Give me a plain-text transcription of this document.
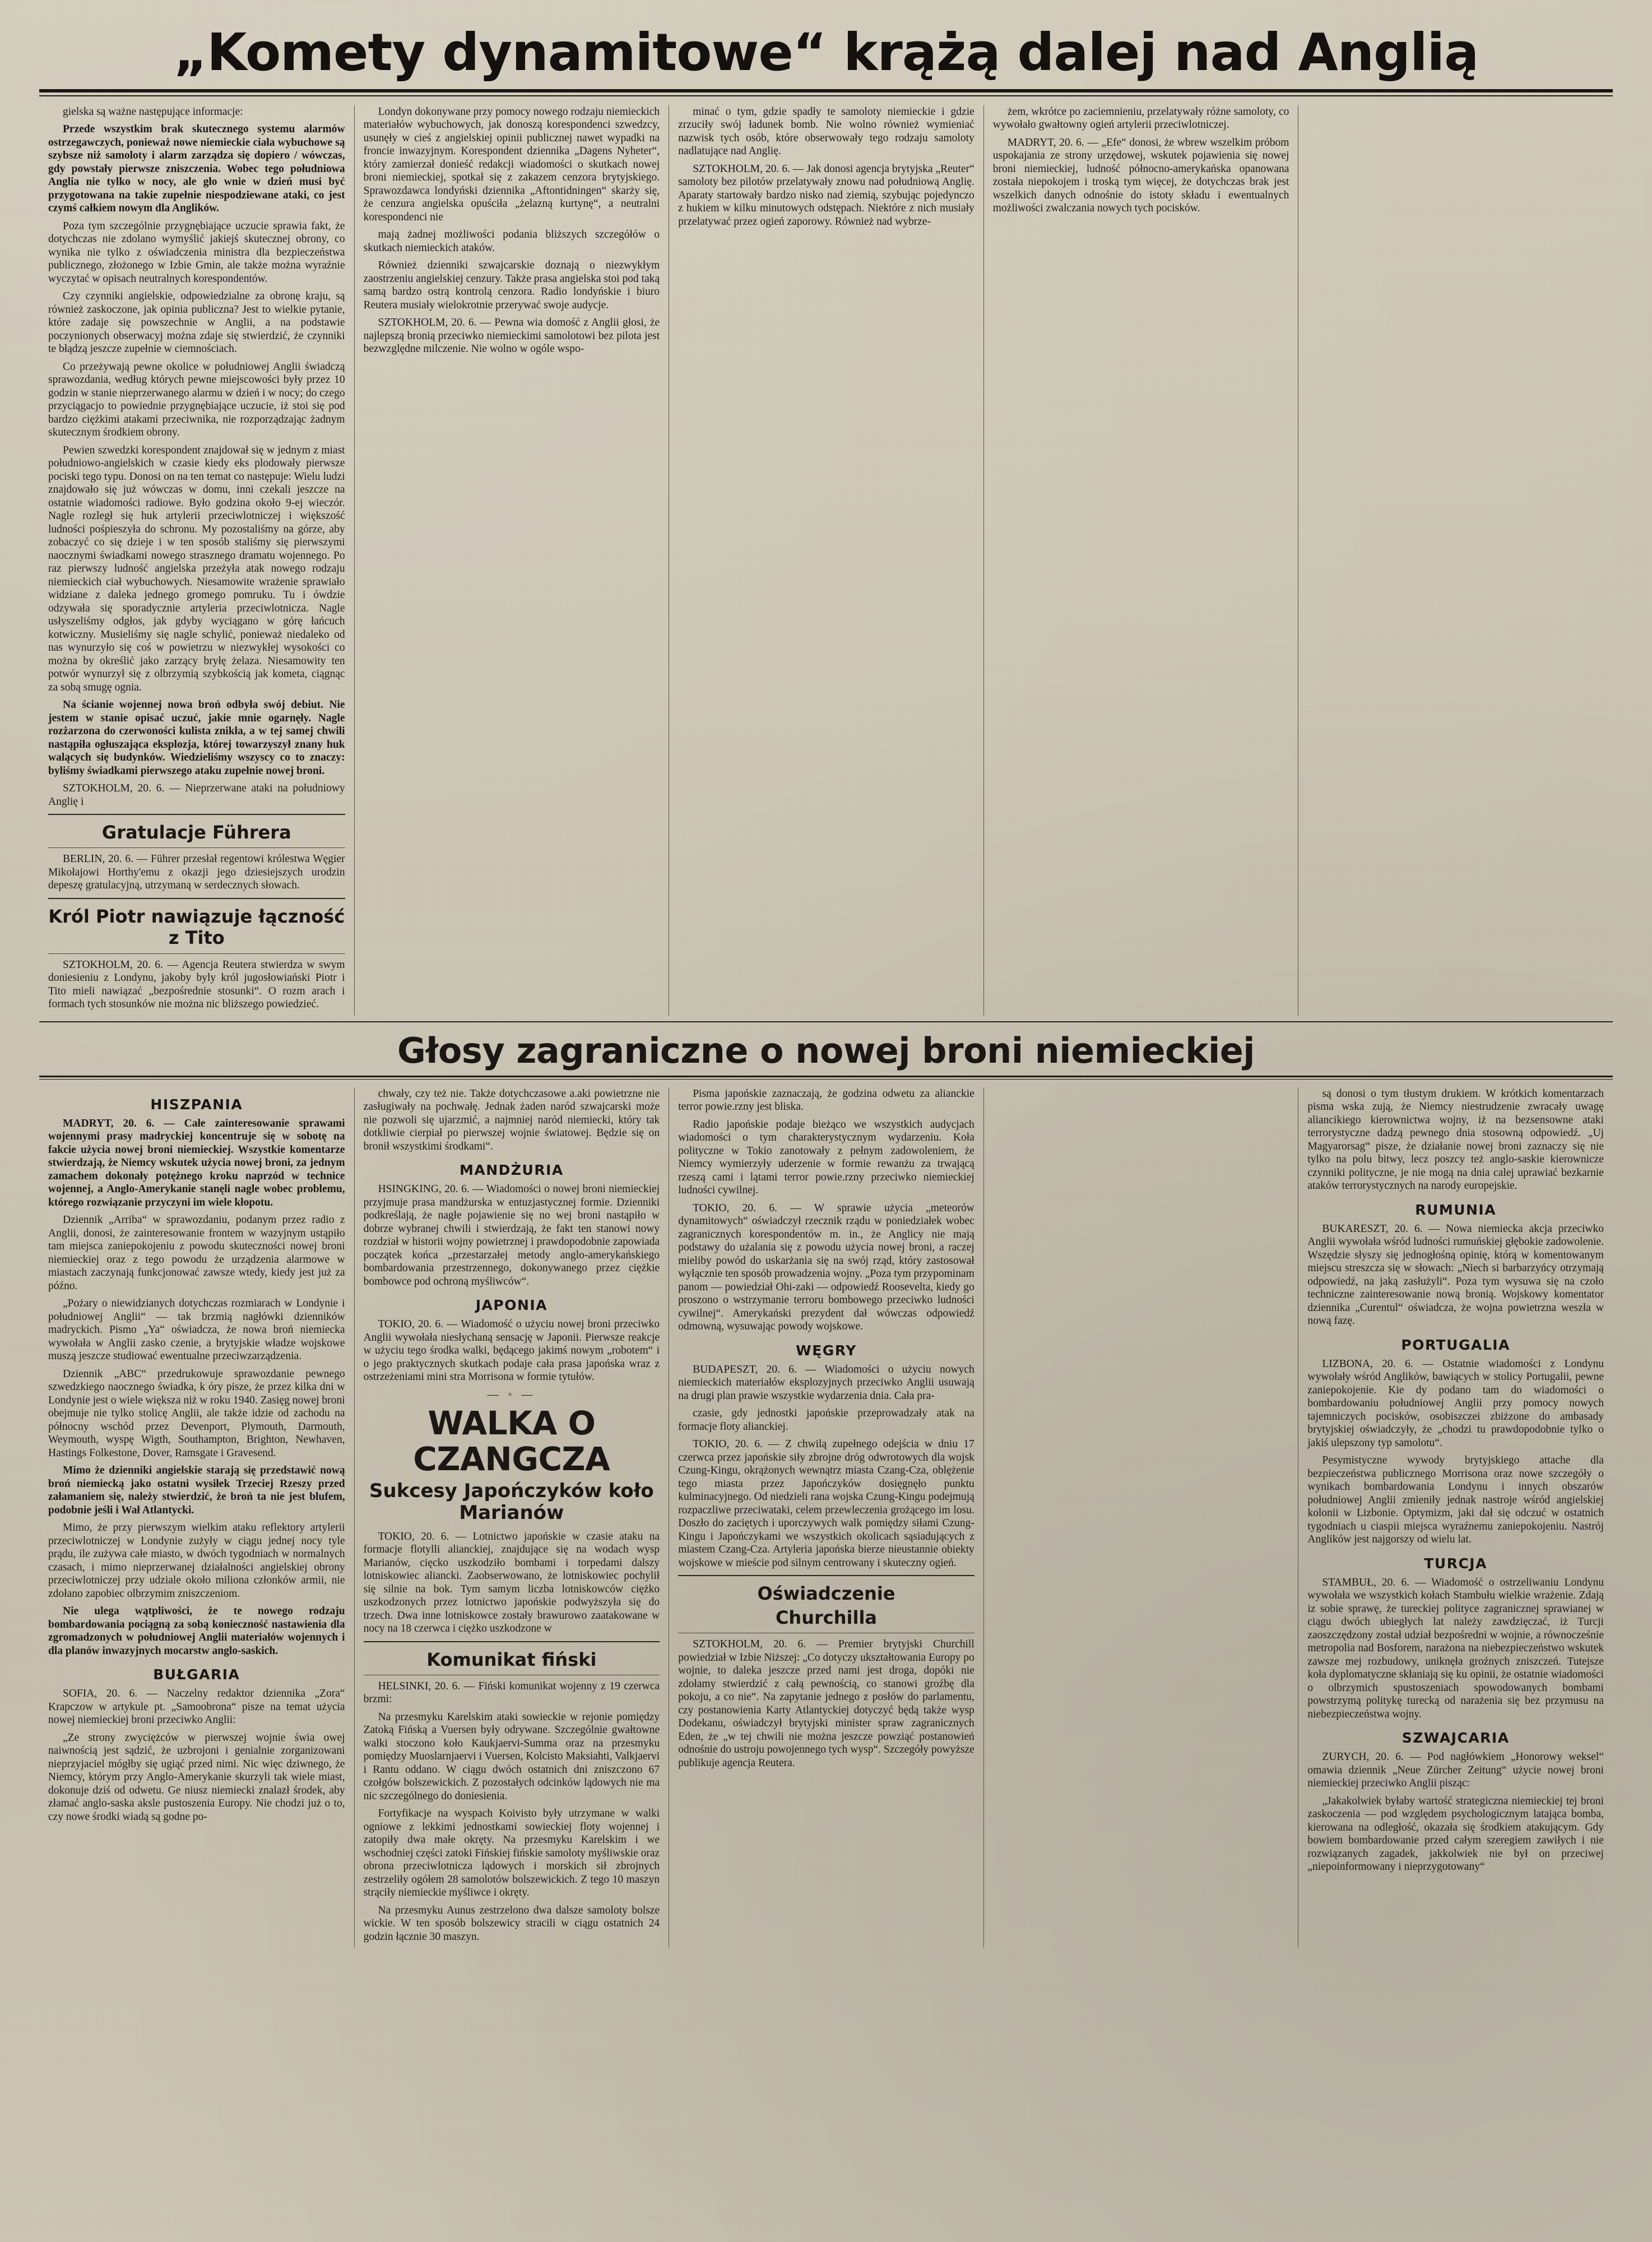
„Komety dynamitowe“ krążą dalej nad Anglią

gielska są ważne następujące informacje:

Przede wszystkim brak skutecznego systemu alarmów ostrzegawczych, ponieważ nowe niemieckie ciała wybuchowe są szybsze niż samoloty i alarm zarządza się dopiero / wówczas, gdy powstały pierwsze zniszczenia. Wobec tego południowa Anglia nie tylko w nocy, ale gło wnie w dzień musi być przygotowana na takie zupełnie niespodziewane ataki, co jest czymś całkiem nowym dla Anglików.

Poza tym szczególnie przygnębiające uczucie sprawia fakt, że dotychczas nie zdolano wymyślić jakiejś skutecznej obrony, co wynika nie tylko z oświadczenia ministra dla bezpieczeństwa publicznego, złożonego w Izbie Gmin, ale także można wyraźnie wyczytać w opisach neutralnych korespondentów.

Czy czynniki angielskie, odpowiedzialne za obronę kraju, są również zaskoczone, jak opinia publiczna? Jest to wielkie pytanie, które zadaje się powszechnie w Anglii, a na podstawie poczynionych obserwacyj można zdaje się stwierdzić, że czynniki te błądzą jeszcze zupełnie w ciemnościach.

Co przeżywają pewne okolice w południowej Anglii świadczą sprawozdania, według których pewne miejscowości były przez 10 godzin w stanie nieprzerwanego alarmu w dzień i w nocy; do czego przyciągacjo to powiednie przygnębiające uczucie, iż stoi się pod bardzo ciężkimi atakami przeciwnika, nie rozporządzając żadnym skutecznym środkiem obrony.

Pewien szwedzki korespondent znajdował się w jednym z miast południowo-angielskich w czasie kiedy eks plodowały pierwsze pociski tego typu. Donosi on na ten temat co następuje: Wielu ludzi znajdowało się już wówczas w domu, inni czekali jeszcze na ostatnie wiadomości radiowe. Było godzina około 9-ej wieczór. Nagle rozległ się huk artylerii przeciwlotniczej i większość ludności pośpieszyła do schronu. My pozostaliśmy na górze, aby zobaczyć co się dzieje i w ten sposób staliśmy się pierwszymi naocznymi świadkami nowego strasznego dramatu wojennego. Po raz pierwszy ludność angielska przeżyła atak nowego rodzaju niemieckich ciał wybuchowych. Niesamowite wrażenie sprawiało widziane z daleka jednego gromego pomruku. Tu i ówdzie odzywała się sporadycznie artyleria przeciwlotnicza. Nagle usłyszeliśmy odgłos, jak gdyby wyciągano w górę łańcuch kotwiczny. Musieliśmy się nagle schylić, ponieważ niedaleko od nas wynurzyło się coś w powietrzu w niezwykłej wysokości co można by określić jako zarzący bryłę żelaza. Niesamowity ten potwór wynurzył się z olbrzymią szybkością jak kometa, ciągnąc za sobą smugę ognia.

Na ścianie wojennej nowa broń odbyła swój debiut. Nie jestem w stanie opisać uczuć, jakie mnie ogarnęły. Nagle rozżarzona do czerwoności kulista znikła, a w tej samej chwili nastąpiła ogłuszająca eksplozja, której towarzyszył znany huk walących się budynków. Wiedzieliśmy wszyscy co to znaczy: byliśmy świadkami pierwszego ataku zupełnie nowej broni.

SZTOKHOLM, 20. 6. — Nieprzerwane ataki na południowy Anglię i

Gratulacje Führera

BERLIN, 20. 6. — Führer przesłał regentowi królestwa Węgier Mikołajowi Horthy'emu z okazji jego dziesiejszych urodzin depeszę gratulacyjną, utrzymaną w serdecznych słowach.

Król Piotr nawiązuje łączność z Tito

SZTOKHOLM, 20. 6. — Agencja Reutera stwierdza w swym doniesieniu z Londynu, jakoby byly król jugosłowiański Piotr i Tito mieli nawiązać „bezpośrednie stosunki“. O rozm arach i formach tych stosunków nie można nic bliższego powiedzieć.

Londyn dokonywane przy pomocy nowego rodzaju niemieckich materiałów wybuchowych, jak donoszą korespondenci szwedzcy, usunęły w cieś z angielskiej opinii publicznej nawet wypadki na froncie inwazyjnym. Korespondent dziennika „Dagens Nyheter“, który zamierzał donieść redakcji wiadomości o skutkach nowej broni niemieckiej, spotkał się z zakazem cenzora brytyjskiego. Sprawozdawca londyński dziennika „Aftontidningen“ skarży się, że cenzura angielska opuściła „żelazną kurtynę“, a neutralni korespondenci nie

mają żadnej możliwości podania bliższych szczegółów o skutkach niemieckich ataków.

Również dzienniki szwajcarskie doznają o niezwykłym zaostrzeniu angielskiej cenzury. Także prasa angielska stoi pod taką samą bardzo ostrą kontrolą cenzora. Radio londyńskie i biuro Reutera musiały wielokrotnie przerywać swoje audycje.

SZTOKHOLM, 20. 6. — Pewna wia domość z Anglii głosi, że najlepszą bronią przeciwko niemieckimi samolotowi bez pilota jest bezwzględne milczenie. Nie wolno w ogóle wspo-

minać o tym, gdzie spadły te samoloty niemieckie i gdzie zrzuciły swój ładunek bomb. Nie wolno również wymieniać nazwisk tych osób, które obserwowały tego rodzaju samoloty nadlatujące nad Anglię.

SZTOKHOLM, 20. 6. — Jak donosi agencja brytyjska „Reuter“ samoloty bez pilotów przelatywały znowu nad południową Anglię. Aparaty startowały bardzo nisko nad ziemią, szybując pojedynczo z hukiem w kilku minutowych odstępach. Niektóre z nich musiały przelatywać przez ogień zaporowy. Również nad wybrze-

żem, wkrótce po zaciemnieniu, przelatywały różne samoloty, co wywołało gwałtowny ogień artylerii przeciwlotniczej.

MADRYT, 20. 6. — „Efe“ donosi, że wbrew wszelkim próbom uspokajania ze strony urzędowej, wskutek pojawienia się nowej broni niemieckiej, ludność północno-amerykańska opanowana została niepokojem i troską tym więcej, że dotychczas brak jest wszelkich danych odnośnie do istoty składu i ewentualnych możliwości zwalczania nowych tych pocisków.

Głosy zagraniczne o nowej broni niemieckiej
HISZPANIA

MADRYT, 20. 6. — Całe zainteresowanie sprawami wojennymi prasy madryckiej koncentruje się w sobotę na fakcie użycia nowej broni niemieckiej. Wszystkie komentarze stwierdzają, że Niemcy wskutek użycia nowej broni, za jednym zamachem dokonały potężnego kroku naprzód w technice wojennej, a Anglo-Amerykanie stanęli nagle wobec problemu, którego rozwiązanie przyczyni im wiele kłopotu.

Dziennik „Arriba“ w sprawozdaniu, podanym przez radio z Anglii, donosi, że zainteresowanie frontem w wazyjnym ustąpiło tam miejsca zaniepokojeniu z powodu skuteczności nowej broni niemieckiej oraz z tego powodu że urządzenia alarmowe w miastach zaczynają funkcjonować zawsze wtedy, kiedy jest już za późno.

„Pożary o niewidzianych dotychczas rozmiarach w Londynie i południowej Anglii“ — tak brzmią nagłówki dzienników madryckich. Pismo „Ya“ oświadcza, że nowa broń niemiecka wywołała w Anglii zasko czenie, a brytyjskie władze wojskowe muszą jeszcze studiować ewentualne przeciwzarządzenia.

Dziennik „ABC“ przedrukowuje sprawozdanie pewnego szwedzkiego naocznego świadka, k óry pisze, że przez kilka dni w Londynie jest o wiele większa niż w roku 1940. Zasięg nowej broni obejmuje nie tylko stolicę Anglii, ale także idzie od zachodu na północny wschód przez Devenport, Plymouth, Darmouth, Weymouth, wyspę Wigth, Southampton, Brighton, Newhaven, Hastings Folkestone, Dover, Ramsgate i Gravesend.

Mimo że dzienniki angielskie starają się przedstawić nową broń niemiecką jako ostatni wysiłek Trzeciej Rzeszy przed załamaniem się, należy stwierdzić, że broń ta nie jest blufem, podobnie jeśli i Wał Atlantycki.

Mimo, że przy pierwszym wielkim ataku reflektory artylerii przeciwlotniczej w Londynie zużyły w ciągu jednej nocy tyle prądu, ile zużywa całe miasto, w dwóch tygodniach w normalnych czasach, i mimo nieprzerwanej działalności angielskiej obrony przeciwlotniczej przy udziale około miliona członków armii, nie zdołano zapobiec olbrzymim zniszczeniom.

Nie ulega wątpliwości, że te nowego rodzaju bombardowania pociągną za sobą konieczność nastawienia dla zgromadzonych w południowej Anglii materiałów wojennych i dla planów inwazyjnych mocarstw anglo-saskich.

BUŁGARIA

SOFIA, 20. 6. — Naczelny redaktor dziennika „Zora“ Krapczow w artykule pt. „Samoobrona“ pisze na temat użycia nowej niemieckiej broni przeciwko Anglii:

„Ze strony zwyciężców w pierwszej wojnie świa owej naiwnością jest sądzić, że uzbrojoni i genialnie zorganizowani nieprzyjaciel mógłby się ugiąć przed nimi. Nic więc dziwnego, że Niemcy, którym przy Anglo-Amerykanie skurzyli tak wiele miast, dokonuje dziś od odwetu. Ge niusz niemiecki znalazł środek, aby złamać anglo-saska aksle pustoszenia Europy. Nie chodzi już o to, czy nowe środki wiadą są godne po-

chwały, czy też nie. Także dotychczasowe a.aki powietrzne nie zasługiwały na pochwałę. Jednak żaden naród szwajcarski może nie pozwoli się ujarzmić, a najmniej naród niemiecki, który tak dotkliwie cierpiał po pierwszej wojnie światowej. Będzie się on bronił wszystkimi środkami“.

MANDŻURIA

HSINGKING, 20. 6. — Wiadomości o nowej broni niemieckiej przyjmuje prasa mandżurska w entuzjastycznej formie. Dzienniki podkreślają, że nagłe pojawienie się no wej broni nastąpiło w dobrze wybranej chwili i stwierdzają, że fakt ten stanowi nowy rozdział w historii wojny powietrznej i prawdopodobnie zapowiada początek końca „przestarzałej metody anglo-amerykańskiego bombardowania przestrzennego, dokonywanego przez ciężkie bombowce pod ochroną myśliwców“.

JAPONIA

TOKIO, 20. 6. — Wiadomość o użyciu nowej broni przeciwko Anglii wywołała niesłychaną sensację w Japonii. Pierwsze reakcje w użyciu tego środka walki, będącego jakimś nowym „robotem“ i o jego praktycznych skutkach podaje cała prasa japońska wraz z ostrzeżeniami mini stra Morrisona w formie tytułów.

— ◦ —
WALKA O CZANGCZA
Sukcesy Japończyków koło Marianów

TOKIO, 20. 6. — Lotnictwo japońskie w czasie ataku na formacje flotylli alianckiej, znajdujące się na wodach wysp Marianów, cięcko uszkodziło bombami i torpedami dalszy lotniskowiec aliancki. Zaobserwowano, że lotniskowiec pochylił się silnie na bok. Tym samym liczba lotniskowców ciężko uszkodzonych przez lotnictwo japońskie podwyższyła się do trzech. Dwa inne lotniskowce zostały brawurowo zaatakowane w nocy na 18 czerwca i ciężko uszkodzone w

Komunikat fiński

HELSINKI, 20. 6. — Fiński komunikat wojenny z 19 czerwca brzmi:

Na przesmyku Karelskim ataki sowieckie w rejonie pomiędzy Zatoką Fińską a Vuersen były odrywane. Szczególnie gwałtowne walki stoczono koło Kaukjaervi-Summa oraz na przesmyku pomiędzy Muoslarnjaervi i Vuersen, Kolcisto Maksiahti, Valkjaervi i Rantu oddano. W ciągu dwóch ostatnich dni zniszczono 67 czołgów bolszewickich. Z pozostałych odcinków lądowych nie ma nic szczególnego do doniesienia.

Fortyfikacje na wyspach Koivisto były utrzymane w walki ogniowe z lekkimi jednostkami sowieckiej floty wojennej i zatopiły dwa małe okręty. Na przesmyku Karelskim i we wschodniej części zatoki Fińskiej fińskie samoloty myśliwskie oraz obrona przeciwlotnicza lądowych i morskich sił zbrojnych zestrzeliły ogółem 28 samolotów bolszewickich. Z tego 10 maszyn strąciły niemieckie myśliwce i okręty.

Na przesmyku Aunus zestrzelono dwa dalsze samoloty bolsze wickie. W ten sposób bolszewicy stracili w ciągu ostatnich 24 godzin łącznie 30 maszyn.

Pisma japońskie zaznaczają, że godzina odwetu za alianckie terror powie.rzny jest bliska.

Radio japońskie podaje bieżąco we wszystkich audycjach wiadomości o tym charakterystycznym wydarzeniu. Koła polityczne w Tokio zanotowały z pełnym zadowoleniem, że Niemcy wymierzyły uderzenie w formie rewanżu za trwającą rzeszą cami i lątami terror powie.rzny przeciwko niemieckiej ludności cywilnej.

TOKIO, 20. 6. — W sprawie użycia „meteorów dynamitowych“ oświadczył rzecznik rządu w poniedziałek wobec zagranicznych korespondentów m. in., że Anglicy nie mają podstawy do użalania się z powodu użycia nowej broni, a raczej mieliby powód do uskarżania się na swój rząd, który zastosował wyłącznie ten sposób prowadzenia wojny. „Poza tym przypominam panom — powiedział Ohi-zaki — odpowiedź Roosevelta, kiedy go proszono o wstrzymanie terroru bombowego przeciwko ludności cywilnej“. Amerykański prezydent dał wówczas odpowiedź odmowną, wysuwając powody wojskowe.

WĘGRY

BUDAPESZT, 20. 6. — Wiadomości o użyciu nowych niemieckich materiałów eksplozyjnych przeciwko Anglii usuwają na drugi plan prawie wszystkie wydarzenia dnia. Cała pra-

czasie, gdy jednostki japońskie przeprowadzały atak na formacje floty alianckiej.

TOKIO, 20. 6. — Z chwilą zupełnego odejścia w dniu 17 czerwca przez japońskie siły zbrojne dróg odwrotowych dla wojsk Czung-Kingu, okrążonych wewnątrz miasta Czang-Cza, oblężenie tego miasta przez Japończyków dosięgnęło punktu kulminacyjnego. Od niedzieli rana wojska Czung-Kingu podejmują rozpaczliwe przeciwataki, celem przewleczenia grożącego im losu. Doszło do zaciętych i uporczywych walk pomiędzy siłami Czung-Kingu i Japończykami we wszystkich okolicach sąsiadujących z miastem Czang-Cza. Artyleria japońska bierze nieustannie obiekty wojskowe w mieście pod silnym centrowany i skuteczny ogień.

Oświadczenie
Churchilla

SZTOKHOLM, 20. 6. — Premier brytyjski Churchill powiedział w Izbie Niższej: „Co dotyczy ukształtowania Europy po wojnie, to daleka jeszcze przed nami jest droga, dopóki nie zdołamy stwierdzić z całą pewnością, co stanowi groźbę dla pokoju, a co nie“. Na zapytanie jednego z posłów do parlamentu, czy postanowienia Karty Atlantyckiej dotyczyć będą także wysp Dodekanu, oświadczył brytyjski minister spraw zagranicznych Eden, że „w tej chwili nie można jeszcze powziąć postanowień odnośnie do ustroju powojennego tych wysp“. Szczegóły powyższe publikuje agencja Reutera.

są donosi o tym tłustym drukiem. W krótkich komentarzach pisma wska zują, że Niemcy niestrudzenie zwracały uwagę aliancikiego kierownictwa wojny, iż na bezsensowne ataki terrorystyczne dadzą pewnego dnia stosowną odpowiedź. „Uj Magyarorsag“ pisze, że działanie nowej broni zaznaczy się nie tylko na polu bitwy, lecz poszcy też anglo-saskie kierownicze czynniki polityczne, je nie mogą na dnia calej uprawiać bezkarnie ataków terrorystycznych na narody europejskie.

RUMUNIA

BUKARESZT, 20. 6. — Nowa niemiecka akcja przeciwko Anglii wywołała wśród ludności rumuńskiej głębokie zadowolenie. Wszędzie słyszy się jednogłośną opinię, którą w komentowanym miejscu streszcza się w słowach: „Niech si barbarzyńcy otrzymają odpowiedź, na jaką zasłużyli“. Poza tym wysuwa się na czoło techniczne zainteresowanie nową bronią. Wojskowy komentator dziennika „Curentul“ oświadcza, że wojna powietrzna weszła w nową fazę.

PORTUGALIA

LIZBONA, 20. 6. — Ostatnie wiadomości z Londynu wywołały wśród Anglików, bawiących w stolicy Portugalii, pewne zaniepokojenie. Kie dy podano tam do wiadomości o bombardowaniu południowej Anglii przy pomocy nowych tajemniczych pocisków, osobiszczei zbiżzone do ambasady brytyjskiej oświadczyły, że „chodzi tu prawdopodobnie tylko o jakiś ulepszony typ samolotu“.

Pesymistyczne wywody brytyjskiego attache dla bezpieczeństwa publicznego Morrisona oraz nowe szczegóły o wynikach bombardowania Londynu i innych obszarów południowej Anglii zmieniły jednak nastroje wśród angielskiej kolonii w Lizbonie. Optymizm, jaki dał się odczuć w ostatnich tygodniach u ciaspii miejsca wyraźnemu zaniepokojeniu. Nastrój Anglików jest najgorszy od wielu lat.

TURCJA

STAMBUŁ, 20. 6. — Wiadomość o ostrzeliwaniu Londynu wywołała we wszystkich kołach Stambułu wielkie wrażenie. Zdają iz sobie sprawę, że tureckiej polityce zagranicznej sprawianej w ciągu dwóch ubiegłych lat należy zawdzięczać, iż Turcji zaoszczędzony został udział bezpośredni w wojnie, a równocześnie metropolia nad Bosforem, narażona na niebezpieczeństwo wskutek zawsze mej rozbudowy, uniknęła groźnych zniszczeń. Tutejsze koła dyplomatyczne skłaniają się ku opinii, że ostatnie wiadomości o olbrzymich spustoszeniach spowodowanych bombami powstrzymą politykę turecką od narażenia się bez przymusu na niebezpieczeństwa wojny.

SZWAJCARIA

ZURYCH, 20. 6. — Pod nagłówkiem „Honorowy weksel“ omawia dziennik „Neue Zürcher Zeitung“ użycie nowej broni niemieckiej przeciwko Anglii pisząc:

„Jakakolwiek byłaby wartość strategiczna niemieckiej tej broni zaskoczenia — pod względem psychologicznym latająca bomba, kierowana na odległość, okazała się środkiem atakującym. Gdy bowiem bombardowanie przed całym szeregiem zawiłych i nie rozwiązanych zagadek, jakkolwiek nie był on przeciwej „niepoinformowany i nieprzygotowany“
